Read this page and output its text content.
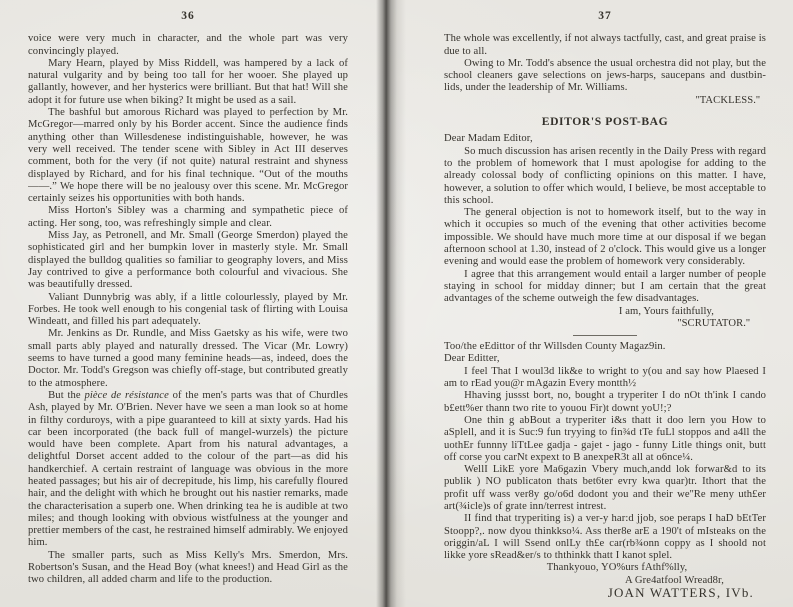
36

voice were very much in character, and the whole part was very convincingly played.

Mary Hearn, played by Miss Riddell, was hampered by a lack of natural vulgarity and by being too tall for her wooer. She played up gallantly, however, and her hysterics were brilliant. But that hat! Will she adopt it for future use when biking? It might be used as a sail.

The bashful but amorous Richard was played to perfection by Mr. McGregor—marred only by his Border accent. Since the audience finds anything other than Willesdenese indistinguishable, however, he was very well received. The tender scene with Sibley in Act III deserves comment, both for the very (if not quite) natural restraint and shyness displayed by Richard, and for his final technique. “Out of the mouths——.” We hope there will be no jealousy over this scene. Mr. McGregor certainly seizes his opportunities with both hands.

Miss Horton's Sibley was a charming and sympathetic piece of acting. Her song, too, was refreshingly simple and clear.

Miss Jay, as Petronell, and Mr. Small (George Smerdon) played the sophisticated girl and her bumpkin lover in masterly style. Mr. Small displayed the bulldog qualities so familiar to geography lovers, and Miss Jay contrived to give a performance both colourful and vivacious. She was beautifully dressed.

Valiant Dunnybrig was ably, if a little colourlessly, played by Mr. Forbes. He took well enough to his congenial task of flirting with Louisa Windeatt, and filled his part adequately.

Mr. Jenkins as Dr. Rundle, and Miss Gaetsky as his wife, were two small parts ably played and naturally dressed. The Vicar (Mr. Lowry) seems to have turned a good many feminine heads—as, indeed, does the Doctor. Mr. Todd's Gregson was chiefly off-stage, but contributed greatly to the atmosphere.

But the pièce de résistance of the men's parts was that of Churdles Ash, played by Mr. O'Brien. Never have we seen a man look so at home in filthy corduroys, with a pipe guaranteed to kill at sixty yards. Had his car been incorporated (the back full of mangel-wurzels) the picture would have been complete. Apart from his natural advantages, a delightful Dorset accent added to the colour of the part—as did his handkerchief. A certain restraint of language was obvious in the more heated passages; but his air of decrepitude, his limp, his carefully floured hair, and the delight with which he brought out his nastier remarks, made the characterisation a superb one. When drinking tea he is audible at two miles; and though looking with obvious wistfulness at the younger and prettier members of the cast, he restrained himself admirably. We enjoyed him.

The smaller parts, such as Miss Kelly's Mrs. Smerdon, Mrs. Robertson's Susan, and the Head Boy (what knees!) and Head Girl as the two children, all added charm and life to the production.

37

The whole was excellently, if not always tactfully, cast, and great praise is due to all.

Owing to Mr. Todd's absence the usual orchestra did not play, but the school cleaners gave selections on jews-harps, saucepans and dustbin-lids, under the leadership of Mr. Williams.

''TACKLESS.''
EDITOR'S POST-BAG

Dear Madam Editor,

So much discussion has arisen recently in the Daily Press with regard to the problem of homework that I must apologise for adding to the already colossal body of conflicting opinions on this matter. I have, however, a solution to offer which would, I believe, be most acceptable to this school.

The general objection is not to homework itself, but to the way in which it occupies so much of the evening that other activities become impossible. We should have much more time at our disposal if we began afternoon school at 1.30, instead of 2 o'clock. This would give us a longer evening and would ease the problem of homework very considerably.

I agree that this arrangement would entail a larger number of people staying in school for midday dinner; but I am certain that the great advantages of the scheme outweigh the few disadvantages.

I am, Yours faithfully,
''SCRUTATOR.''

Too/the eEdittor of thr Willsden County Magaz9in.

Dear Editter,

I feel That I woul3d lik&e to wright to y(ou and say how Plaesed I am to rEad you@r mAgazin Every montth½

Hhaving jussst bort, no, bought a tryperiter I do nOt th'ink I cando b£ett%er thann two rite to youou Fir)t downt yoU!;?

One thin g abBout a tryperiter i&s thatt it doo lern you How to aSplell, and it is Suc:9 fun tryying to fin¾d tTe fuLl stoppos and a4ll the uothEr funnny liTtLee gadja - gajet - jago - funny Litle things onit, butt off corse you carNt expext to B anexpeR3t all at o6nce¼.

WellI LikE yore Ma6gazin Vbery much,andd lok forwar&d to its publik ) NO publicaton thats bet6ter evry kwa quar)tr. Ithort that the profit uff wass ver8y go/o6d dodont you and their we''Re meny uth£er art(¾icle)s of grate inn/terrest intrest.

II find that tryperiting is) a ver-y har:d jjob, soe peraps I haD bEtTer Stoopp?,. now dyou thinkkso¼. Ass ther8e arE a 190't of mIsteaks on the origgin/aL I will Ssend onlLy th£e car(rb¾onn coppy as I shoold not likke yore sRead&er/s to ththinkk thatt I kanot splel.

Thankyouo, YO%urs fAthf%lly,
A Gre4atfool Wread8r,
JOAN WATTERS, IVb.
